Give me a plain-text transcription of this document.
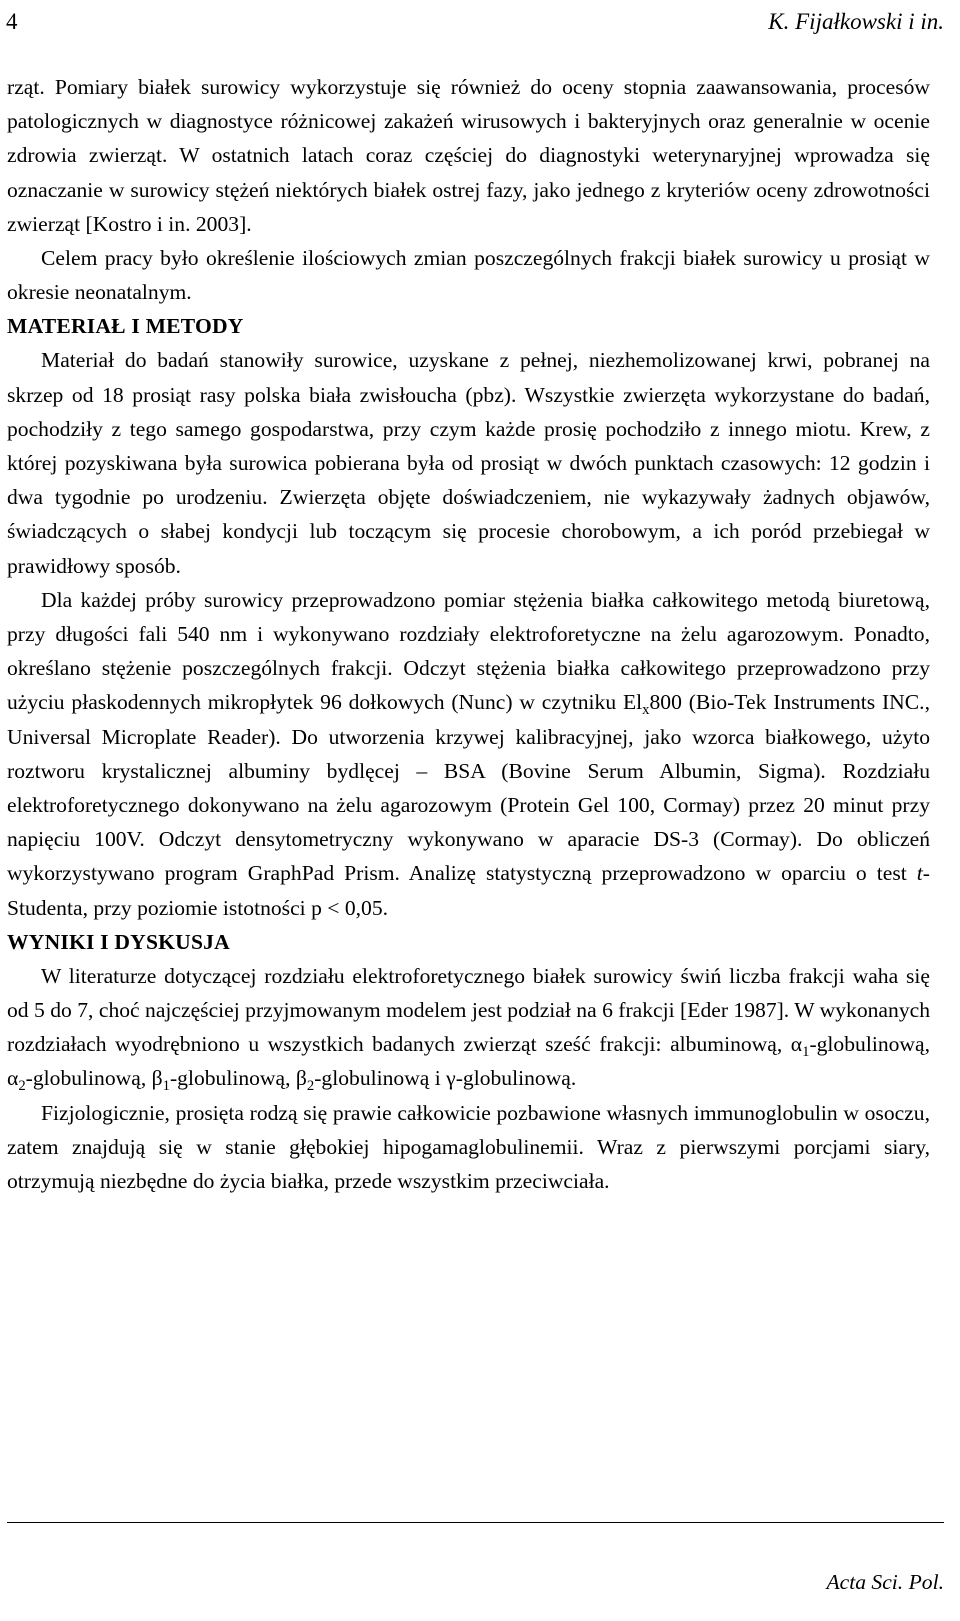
4	K. Fijałkowski i in.

rząt. Pomiary białek surowicy wykorzystuje się również do oceny stopnia zaawansowania, procesów patologicznych w diagnostyce różnicowej zakażeń wirusowych i bakteryjnych oraz generalnie w ocenie zdrowia zwierząt. W ostatnich latach coraz częściej do diagnostyki weterynaryjnej wprowadza się oznaczanie w surowicy stężeń niektórych białek ostrej fazy, jako jednego z kryteriów oceny zdrowotności zwierząt [Kostro i in. 2003].

Celem pracy było określenie ilościowych zmian poszczególnych frakcji białek surowicy u prosiąt w okresie neonatalnym.

MATERIAŁ I METODY

Materiał do badań stanowiły surowice, uzyskane z pełnej, niezhemolizowanej krwi, pobranej na skrzep od 18 prosiąt rasy polska biała zwisłoucha (pbz). Wszystkie zwierzęta wykorzystane do badań, pochodziły z tego samego gospodarstwa, przy czym każde prosię pochodziło z innego miotu. Krew, z której pozyskiwana była surowica pobierana była od prosiąt w dwóch punktach czasowych: 12 godzin i dwa tygodnie po urodzeniu. Zwierzęta objęte doświadczeniem, nie wykazywały żadnych objawów, świadczących o słabej kondycji lub toczącym się procesie chorobowym, a ich poród przebiegał w prawidłowy sposób.

Dla każdej próby surowicy przeprowadzono pomiar stężenia białka całkowitego metodą biuretową, przy długości fali 540 nm i wykonywano rozdziały elektroforetyczne na żelu agarozowym. Ponadto, określano stężenie poszczególnych frakcji. Odczyt stężenia białka całkowitego przeprowadzono przy użyciu płaskodennych mikropłytek 96 dołkowych (Nunc) w czytniku $El_x800$ (Bio-Tek Instruments INC., Universal Microplate Reader). Do utworzenia krzywej kalibracyjnej, jako wzorca białkowego, użyto roztworu krystalicznej albuminy bydlęcej – BSA (Bovine Serum Albumin, Sigma). Rozdziału elektroforetycznego dokonywano na żelu agarozowym (Protein Gel 100, Cormay) przez 20 minut przy napięciu 100V. Odczyt densytometryczny wykonywano w aparacie DS-3 (Cormay). Do obliczeń wykorzystywano program GraphPad Prism. Analizę statystyczną przeprowadzono w oparciu o test t-Studenta, przy poziomie istotności p < 0,05.

WYNIKI I DYSKUSJA

W literaturze dotyczącej rozdziału elektroforetycznego białek surowicy świń liczba frakcji waha się od 5 do 7, choć najczęściej przyjmowanym modelem jest podział na 6 frakcji [Eder 1987]. W wykonanych rozdziałach wyodrębniono u wszystkich badanych zwierząt sześć frakcji: albuminową, $\alpha_1$-globulinową, $\alpha_2$-globulinową, $\beta_1$-globulinową, $\beta_2$-globulinową i γ-globulinową.

Fizjologicznie, prosięta rodzą się prawie całkowicie pozbawione własnych immunoglobulin w osoczu, zatem znajdują się w stanie głębokiej hipogamaglobulinemii. Wraz z pierwszymi porcjami siary, otrzymują niezbędne do życia białka, przede wszystkim przeciwciała.

Acta Sci. Pol.
